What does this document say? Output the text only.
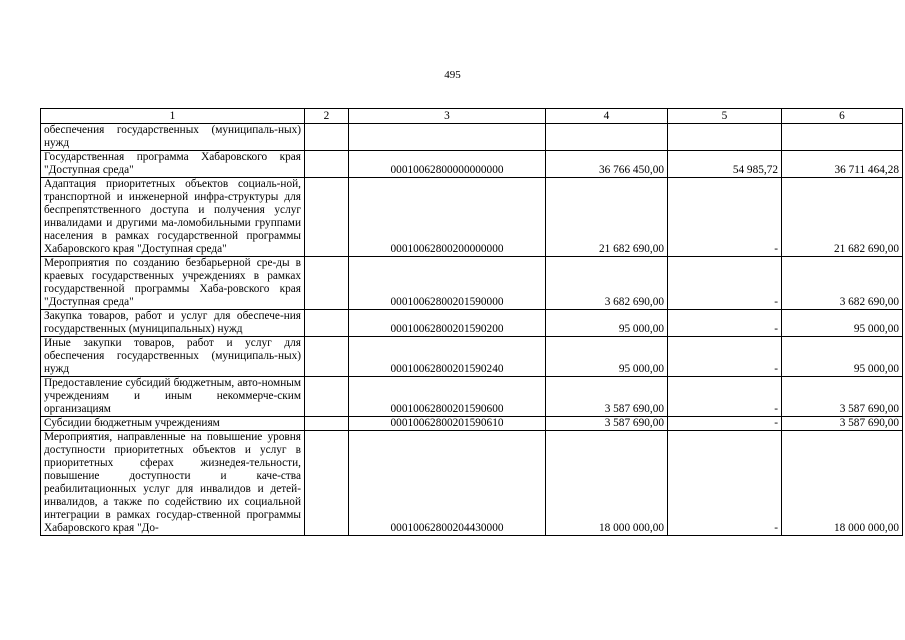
495
1	2	3	4	5	6
обеспечения государственных (муниципаль-ных) нужд					
Государственная программа Хабаровского края "Доступная среда"		00010062800000000000	36 766 450,00	54 985,72	36 711 464,28
Адаптация приоритетных объектов социаль-ной, транспортной и инженерной инфра-структуры для беспрепятственного доступа и получения услуг инвалидами и другими ма-ломобильными группами населения в рамках государственной программы Хабаровского края "Доступная среда"		00010062800200000000	21 682 690,00	-	21 682 690,00
Мероприятия по созданию безбарьерной сре-ды в краевых государственных учреждениях в рамках государственной программы Хаба-ровского края "Доступная среда"		00010062800201590000	3 682 690,00	-	3 682 690,00
Закупка товаров, работ и услуг для обеспече-ния государственных (муниципальных) нужд		00010062800201590200	95 000,00	-	95 000,00
Иные закупки товаров, работ и услуг для обеспечения государственных (муниципаль-ных) нужд		00010062800201590240	95 000,00	-	95 000,00
Предоставление субсидий бюджетным, авто-номным учреждениям и иным некоммерче-ским организациям		00010062800201590600	3 587 690,00	-	3 587 690,00
Субсидии бюджетным учреждениям		00010062800201590610	3 587 690,00	-	3 587 690,00
Мероприятия, направленные на повышение уровня доступности приоритетных объектов и услуг в приоритетных сферах жизнедея-тельности, повышение доступности и каче-ства реабилитационных услуг для инвалидов и детей-инвалидов, а также по содействию их социальной интеграции в рамках государ-ственной программы Хабаровского края "До-		00010062800204430000	18 000 000,00	-	18 000 000,00
